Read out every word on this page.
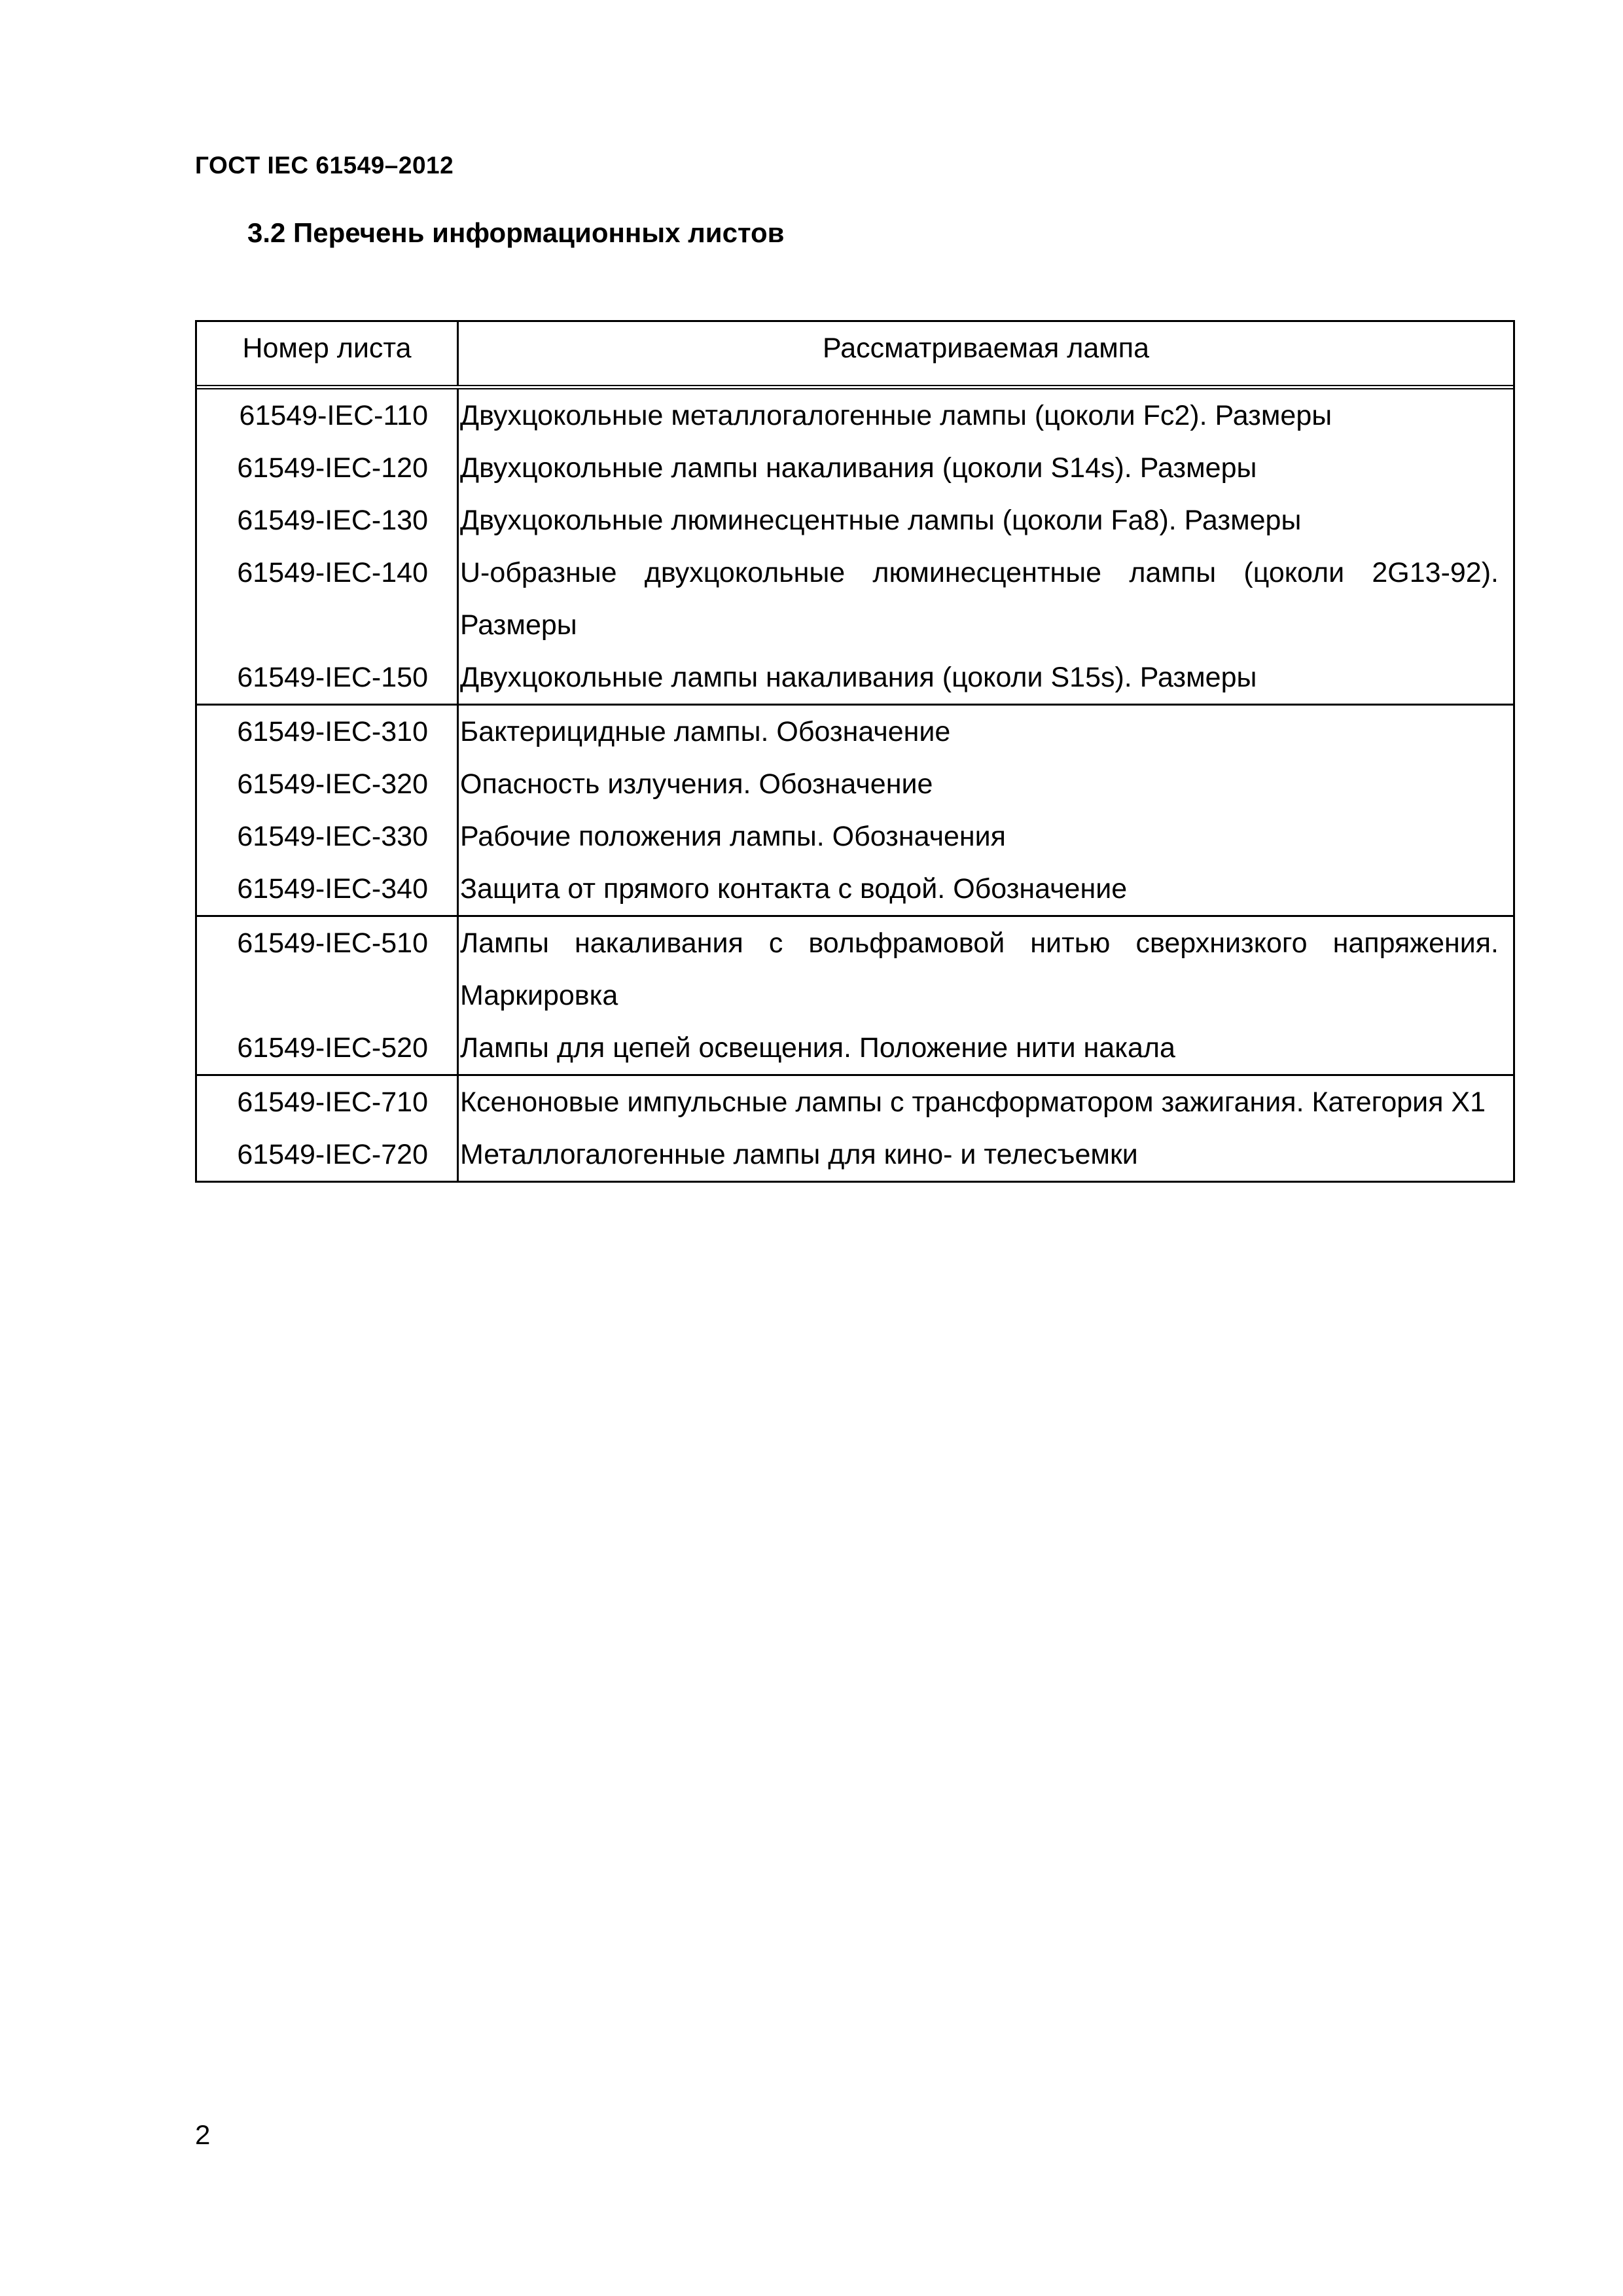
ГОСТ IEC 61549–2012
3.2 Перечень информационных листов
Номер листа	Рассматриваемая лампа
61549-IEC-110	Двухцокольные металлогалогенные лампы (цоколи Fc2). Размеры
61549-IEC-120	Двухцокольные лампы накаливания (цоколи S14s). Размеры
61549-IEC-130	Двухцокольные люминесцентные лампы (цоколи Fa8). Размеры
61549-IEC-140	U-образные двухцокольные люминесцентные лампы (цоколи 2G13-92). Размеры
61549-IEC-150	Двухцокольные лампы накаливания (цоколи S15s). Размеры
61549-IEC-310	Бактерицидные лампы. Обозначение
61549-IEC-320	Опасность излучения. Обозначение
61549-IEC-330	Рабочие положения лампы. Обозначения
61549-IEC-340	Защита от прямого контакта с водой. Обозначение
61549-IEC-510	Лампы накаливания с вольфрамовой нитью сверхнизкого напряжения. Маркировка
61549-IEC-520	Лампы для цепей освещения. Положение нити накала
61549-IEC-710	Ксеноновые импульсные лампы с трансформатором зажигания. Категория X1
61549-IEC-720	Металлогалогенные лампы для кино- и телесъемки
2
